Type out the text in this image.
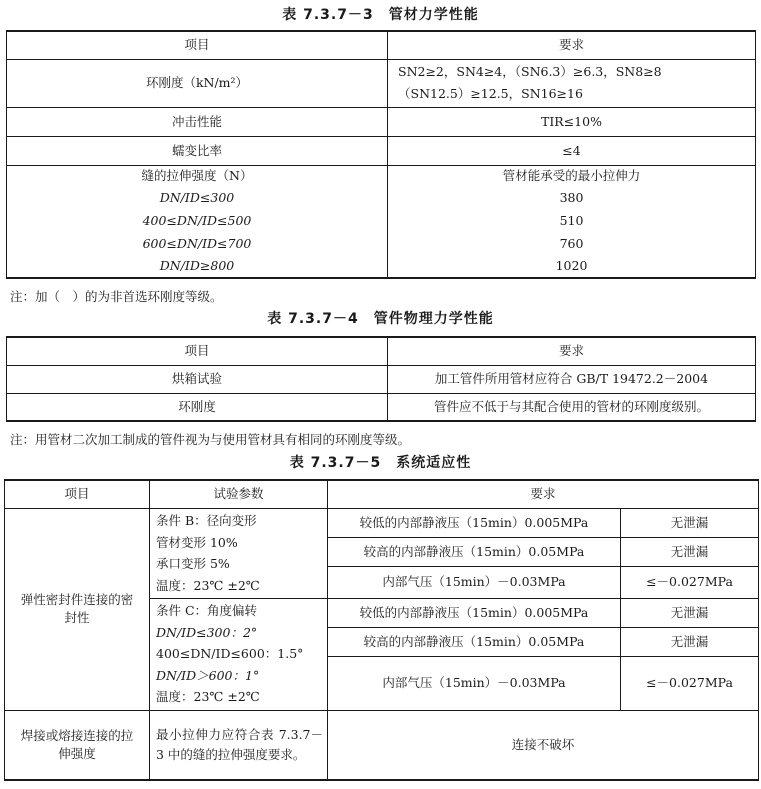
表 7.3.7－3　管材力学性能
项目	要求
环刚度（kN/m²）	SN2≥2，SN4≥4，（SN6.3）≥6.3，SN8≥8
（SN12.5）≥12.5，SN16≥16

冲击性能	TIR≤10%
蠕变比率	≤4
缝的拉伸强度（N）	管材能承受的最小拉伸力
DN/ID≤300	380
400≤DN/ID≤500	510
600≤DN/ID≤700	760
DN/ID≥800	1020
注：加（　）的为非首选环刚度等级。
表 7.3.7－4　管件物理力学性能
项目	要求
烘箱试验	加工管件所用管材应符合 GB/T 19472.2－2004
环刚度	管件应不低于与其配合使用的管材的环刚度级别。
注：用管材二次加工制成的管件视为与使用管材具有相同的环刚度等级。
表 7.3.7－5　系统适应性
项目	试验参数	要求	
弹性密封件连接的密封性	条件 B：径向变形
管材变形 10%
承口变形 5%
温度：23℃ ±2℃	较低的内部静液压（15min）0.005MPa	无泄漏
		较高的内部静液压（15min）0.05MPa	无泄漏
		内部气压（15min）－0.03MPa	≤－0.027MPa

	条件 C：角度偏转
DN/ID≤300：2°
400≤DN/ID≤600：1.5°
DN/ID＞600：1°
温度：23℃ ±2℃	较低的内部静液压（15min）0.005MPa	无泄漏
		较高的内部静液压（15min）0.05MPa	无泄漏
		内部气压（15min）－0.03MPa	≤－0.027MPa
焊接或熔接连接的拉伸强度	最小拉伸力应符合表 7.3.7－3 中的缝的拉伸强度要求。	连接不破坏	
